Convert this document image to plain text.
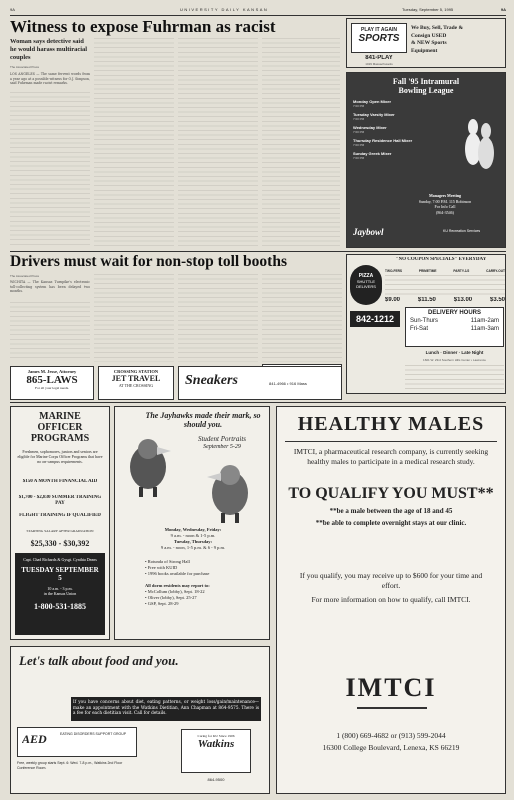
9A	UNIVERSITY DAILY KANSAN	Tuesday, September 5, 1995	9A
Witness to expose Fuhrman as racist
Woman says detective said he would harass multiracial couples
The Associated Press
LOS ANGELES — The same fervent words from a year ago at a possible witness for O.J. Simpson, said Fuhrman made racist remarks.
PLAY IT AGAIN
SPORTS
841-PLAY
1029 Massachusetts
We Buy, Sell, Trade &
Consign USED
& NEW Sports
Equipment
Fall '95 Intramural
Bowling League
Monday Open Mixer
7:00 PM
Tuesday Varsity Mixer
7:00 PM
Wednesday Mixer
7:00 PM
Thursday Residence Hall Mixer
7:00 PM
Sunday Greek Mixer
7:00 PM
Managers Meeting
Sunday, 7:00 P.M. 115 Robinson
For Info Call
(864-3546)
Jaybowl	KU Recreation Services
Drivers must wait for non-stop toll booths
The Associated Press
WICHITA — The Kansas Turnpike's electronic toll-collecting system has been delayed two months.
"NO COUPON SPECIALS" EVERYDAY
PIZZA
SHUTTLE
DELIVERS
TWO-FERS	PRIMETIME	PARTY-1/2	CARRY-OUT
$9.00	$11.50	$13.00	$3.50
842-1212
DELIVERY HOURS
Sun-Thurs	11am-2am
Fri-Sat	11am-3am
Lunch · Dinner · Late Night
1601 W. 23rd Southern Hills Center • Lawrence

James M. Jesse, Attorney
865-LAWS
For all your legal needs.
CROSSING STATION
JET TRAVEL
AT THE CROSSING	Sneakers	841-4966 • 916 Mass
MARINE
OFFICER
PROGRAMS
Freshmen, sophomores, juniors and seniors are eligible for Marine Corps Officer Programs that have no on-campus requirements.
$150 A MONTH FINANCIAL AID
$1,700 - $2,830 SUMMER TRAINING PAY
FLIGHT TRAINING IF QUALIFIED
STARTING SALARY AFTER GRADUATION
$25,330 - $30,392
Capt. Chad Richards & Gysgt. Cynthia Deans
TUESDAY SEPTEMBER 5
10 a.m. - 3 p.m.
in the Kansas Union
1-800-531-1885
The Jayhawks made their mark, so should you.
Student Portraits
September 5-29
Monday, Wednesday, Friday:
9 a.m. - noon & 1-5 p.m.
Tuesday, Thursday:
9 a.m. - noon, 1-5 p.m. & 6 - 9 p.m.
• Rotunda of Strong Hall
• Free with KUID
• 1996 books available for purchase
All dorm residents may report to:
• McCollum (lobby), Sept. 18-22
• Oliver (lobby), Sept. 25-27
• GSP, Sept. 28-29
HEALTHY MALES
IMTCI, a pharmaceutical research company, is currently seeking healthy males to participate in a medical research study.
TO QUALIFY YOU MUST**
**be a male between the age of 18 and 45
**be able to complete overnight stays at our clinic.
If you qualify, you may receive up to $600 for your time and effort.
For more information on how to qualify, call IMTCI.
IMTCI
1 (800) 669-4682 or (913) 599-2044
16300 College Boulevard, Lenexa, KS 66219
Let's talk about food and you.
If you have concerns about diet, eating patterns, or weight loss/gain/maintenance—make an appointment with the Watkins Dietitian, Ann Chapman at 864-9575. There is a fee for each dietitian visit. Call for details.
AED	EATING DISORDERS SUPPORT GROUP
Free, weekly group starts Sept. 6: Wed. 7-8 p.m., Watkins 2nd Floor Conference Room.
Caring for KU Since 1906
Watkins
864-9500
